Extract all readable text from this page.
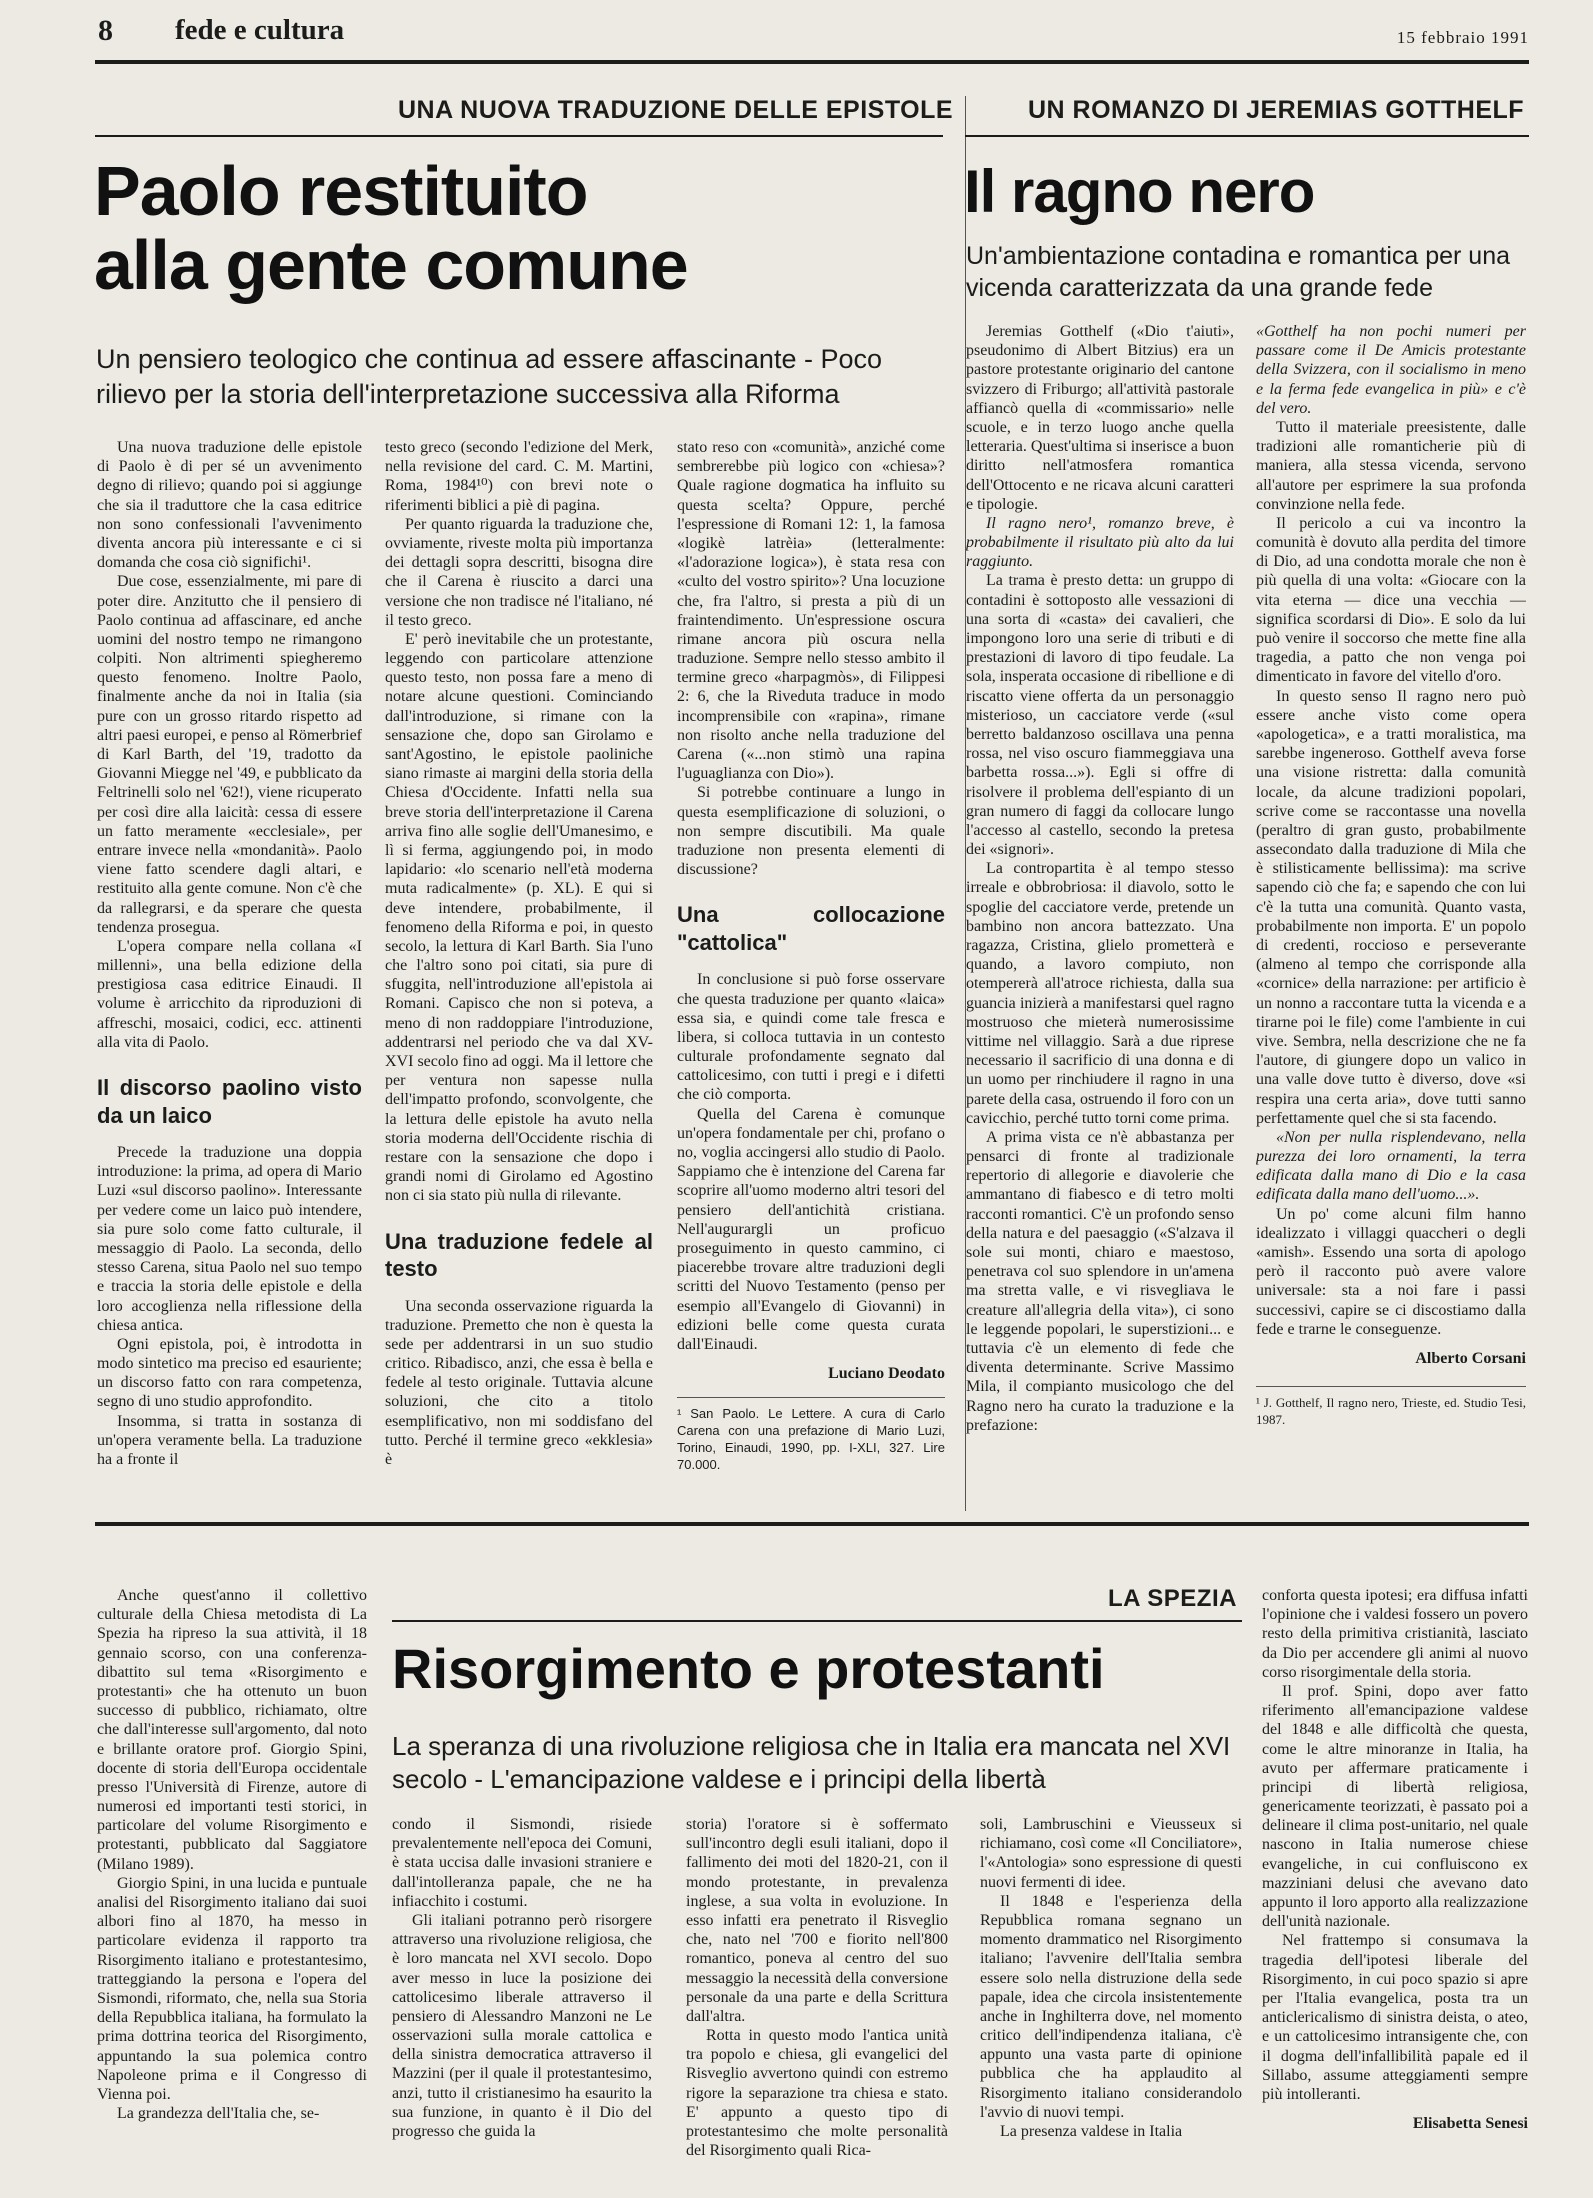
8 fede e cultura	15 febbraio 1991
UNA NUOVA TRADUZIONE DELLE EPISTOLE
Paolo restituito
alla gente comune
Un pensiero teologico che continua ad essere affascinante - Poco rilievo per la storia dell'interpretazione successiva alla Riforma

Una nuova traduzione delle epistole di Paolo è di per sé un avvenimento degno di rilievo; quando poi si aggiunge che sia il traduttore che la casa editrice non sono confessionali l'avvenimento diventa ancora più interessante e ci si domanda che cosa ciò significhi¹.

Due cose, essenzialmente, mi pare di poter dire. Anzitutto che il pensiero di Paolo continua ad affascinare, ed anche uomini del nostro tempo ne rimangono colpiti. Non altrimenti spiegheremo questo fenomeno. Inoltre Paolo, finalmente anche da noi in Italia (sia pure con un grosso ritardo rispetto ad altri paesi europei, e penso al Römerbrief di Karl Barth, del '19, tradotto da Giovanni Miegge nel '49, e pubblicato da Feltrinelli solo nel '62!), viene ricuperato per così dire alla laicità: cessa di essere un fatto meramente «ecclesiale», per entrare invece nella «mondanità». Paolo viene fatto scendere dagli altari, e restituito alla gente comune. Non c'è che da rallegrarsi, e da sperare che questa tendenza prosegua.

L'opera compare nella collana «I millenni», una bella edizione della prestigiosa casa editrice Einaudi. Il volume è arricchito da riproduzioni di affreschi, mosaici, codici, ecc. attinenti alla vita di Paolo.

Il discorso paolino visto da un laico

Precede la traduzione una doppia introduzione: la prima, ad opera di Mario Luzi «sul discorso paolino». Interessante per vedere come un laico può intendere, sia pure solo come fatto culturale, il messaggio di Paolo. La seconda, dello stesso Carena, situa Paolo nel suo tempo e traccia la storia delle epistole e della loro accoglienza nella riflessione della chiesa antica.

Ogni epistola, poi, è introdotta in modo sintetico ma preciso ed esauriente; un discorso fatto con rara competenza, segno di uno studio approfondito.

Insomma, si tratta in sostanza di un'opera veramente bella. La traduzione ha a fronte il

testo greco (secondo l'edizione del Merk, nella revisione del card. C. M. Martini, Roma, 1984¹⁰) con brevi note o riferimenti biblici a piè di pagina.

Per quanto riguarda la traduzione che, ovviamente, riveste molta più importanza dei dettagli sopra descritti, bisogna dire che il Carena è riuscito a darci una versione che non tradisce né l'italiano, né il testo greco.

E' però inevitabile che un protestante, leggendo con particolare attenzione questo testo, non possa fare a meno di notare alcune questioni. Cominciando dall'introduzione, si rimane con la sensazione che, dopo san Girolamo e sant'Agostino, le epistole paoliniche siano rimaste ai margini della storia della Chiesa d'Occidente. Infatti nella sua breve storia dell'interpretazione il Carena arriva fino alle soglie dell'Umanesimo, e lì si ferma, aggiungendo poi, in modo lapidario: «lo scenario nell'età moderna muta radicalmente» (p. XL). E qui si deve intendere, probabilmente, il fenomeno della Riforma e poi, in questo secolo, la lettura di Karl Barth. Sia l'uno che l'altro sono poi citati, sia pure di sfuggita, nell'introduzione all'epistola ai Romani. Capisco che non si poteva, a meno di non raddoppiare l'introduzione, addentrarsi nel periodo che va dal XV-XVI secolo fino ad oggi. Ma il lettore che per ventura non sapesse nulla dell'impatto profondo, sconvolgente, che la lettura delle epistole ha avuto nella storia moderna dell'Occidente rischia di restare con la sensazione che dopo i grandi nomi di Girolamo ed Agostino non ci sia stato più nulla di rilevante.

Una traduzione fedele al testo

Una seconda osservazione riguarda la traduzione. Premetto che non è questa la sede per addentrarsi in un suo studio critico. Ribadisco, anzi, che essa è bella e fedele al testo originale. Tuttavia alcune soluzioni, che cito a titolo esemplificativo, non mi soddisfano del tutto. Perché il termine greco «ekklesia» è

stato reso con «comunità», anziché come sembrerebbe più logico con «chiesa»? Quale ragione dogmatica ha influito su questa scelta? Oppure, perché l'espressione di Romani 12: 1, la famosa «logikè latrèia» (letteralmente: «l'adorazione logica»), è stata resa con «culto del vostro spirito»? Una locuzione che, fra l'altro, si presta a più di un fraintendimento. Un'espressione oscura rimane ancora più oscura nella traduzione. Sempre nello stesso ambito il termine greco «harpagmòs», di Filippesi 2: 6, che la Riveduta traduce in modo incomprensibile con «rapina», rimane non risolto anche nella traduzione del Carena («...non stimò una rapina l'uguaglianza con Dio»).

Si potrebbe continuare a lungo in questa esemplificazione di soluzioni, o non sempre discutibili. Ma quale traduzione non presenta elementi di discussione?

Una collocazione "cattolica"

In conclusione si può forse osservare che questa traduzione per quanto «laica» essa sia, e quindi come tale fresca e libera, si colloca tuttavia in un contesto culturale profondamente segnato dal cattolicesimo, con tutti i pregi e i difetti che ciò comporta.

Quella del Carena è comunque un'opera fondamentale per chi, profano o no, voglia accingersi allo studio di Paolo. Sappiamo che è intenzione del Carena far scoprire all'uomo moderno altri tesori del pensiero dell'antichità cristiana. Nell'augurargli un proficuo proseguimento in questo cammino, ci piacerebbe trovare altre traduzioni degli scritti del Nuovo Testamento (penso per esempio all'Evangelo di Giovanni) in edizioni belle come questa curata dall'Einaudi.

Luciano Deodato
¹ San Paolo. Le Lettere. A cura di Carlo Carena con una prefazione di Mario Luzi, Torino, Einaudi, 1990, pp. I-XLI, 327. Lire 70.000.
UN ROMANZO DI JEREMIAS GOTTHELF
Il ragno nero
Un'ambientazione contadina e romantica per una vicenda caratterizzata da una grande fede

Jeremias Gotthelf («Dio t'aiuti», pseudonimo di Albert Bitzius) era un pastore protestante originario del cantone svizzero di Friburgo; all'attività pastorale affiancò quella di «commissario» nelle scuole, e in terzo luogo anche quella letteraria. Quest'ultima si inserisce a buon diritto nell'atmosfera romantica dell'Ottocento e ne ricava alcuni caratteri e tipologie.

Il ragno nero¹, romanzo breve, è probabilmente il risultato più alto da lui raggiunto.

La trama è presto detta: un gruppo di contadini è sottoposto alle vessazioni di una sorta di «casta» dei cavalieri, che impongono loro una serie di tributi e di prestazioni di lavoro di tipo feudale. La sola, insperata occasione di ribellione e di riscatto viene offerta da un personaggio misterioso, un cacciatore verde («sul berretto baldanzoso oscillava una penna rossa, nel viso oscuro fiammeggiava una barbetta rossa...»). Egli si offre di risolvere il problema dell'espianto di un gran numero di faggi da collocare lungo l'accesso al castello, secondo la pretesa dei «signori».

La contropartita è al tempo stesso irreale e obbrobriosa: il diavolo, sotto le spoglie del cacciatore verde, pretende un bambino non ancora battezzato. Una ragazza, Cristina, glielo prometterà e quando, a lavoro compiuto, non otempererà all'atroce richiesta, dalla sua guancia inizierà a manifestarsi quel ragno mostruoso che mieterà numerosissime vittime nel villaggio. Sarà a due riprese necessario il sacrificio di una donna e di un uomo per rinchiudere il ragno in una parete della casa, ostruendo il foro con un cavicchio, perché tutto torni come prima.

A prima vista ce n'è abbastanza per pensarci di fronte al tradizionale repertorio di allegorie e diavolerie che ammantano di fiabesco e di tetro molti racconti romantici. C'è un profondo senso della natura e del paesaggio («S'alzava il sole sui monti, chiaro e maestoso, penetrava col suo splendore in un'amena ma stretta valle, e vi risvegliava le creature all'allegria della vita»), ci sono le leggende popolari, le superstizioni... e tuttavia c'è un elemento di fede che diventa determinante. Scrive Massimo Mila, il compianto musicologo che del Ragno nero ha curato la traduzione e la prefazione:

«Gotthelf ha non pochi numeri per passare come il De Amicis protestante della Svizzera, con il socialismo in meno e la ferma fede evangelica in più» e c'è del vero.

Tutto il materiale preesistente, dalle tradizioni alle romanticherie più di maniera, alla stessa vicenda, servono all'autore per esprimere la sua profonda convinzione nella fede.

Il pericolo a cui va incontro la comunità è dovuto alla perdita del timore di Dio, ad una condotta morale che non è più quella di una volta: «Giocare con la vita eterna — dice una vecchia — significa scordarsi di Dio». E solo da lui può venire il soccorso che mette fine alla tragedia, a patto che non venga poi dimenticato in favore del vitello d'oro.

In questo senso Il ragno nero può essere anche visto come opera «apologetica», e a tratti moralistica, ma sarebbe ingeneroso. Gotthelf aveva forse una visione ristretta: dalla comunità locale, da alcune tradizioni popolari, scrive come se raccontasse una novella (peraltro di gran gusto, probabilmente assecondato dalla traduzione di Mila che è stilisticamente bellissima): ma scrive sapendo ciò che fa; e sapendo che con lui c'è la tutta una comunità. Quanto vasta, probabilmente non importa. E' un popolo di credenti, roccioso e perseverante (almeno al tempo che corrisponde alla «cornice» della narrazione: per artificio è un nonno a raccontare tutta la vicenda e a tirarne poi le file) come l'ambiente in cui vive. Sembra, nella descrizione che ne fa l'autore, di giungere dopo un valico in una valle dove tutto è diverso, dove «si respira una certa aria», dove tutti sanno perfettamente quel che si sta facendo.

«Non per nulla risplendevano, nella purezza dei loro ornamenti, la terra edificata dalla mano di Dio e la casa edificata dalla mano dell'uomo...».

Un po' come alcuni film hanno idealizzato i villaggi quaccheri o degli «amish». Essendo una sorta di apologo però il racconto può avere valore universale: sta a noi fare i passi successivi, capire se ci discostiamo dalla fede e trarne le conseguenze.

Alberto Corsani
¹ J. Gotthelf, Il ragno nero, Trieste, ed. Studio Tesi, 1987.

Anche quest'anno il collettivo culturale della Chiesa metodista di La Spezia ha ripreso la sua attività, il 18 gennaio scorso, con una conferenza-dibattito sul tema «Risorgimento e protestanti» che ha ottenuto un buon successo di pubblico, richiamato, oltre che dall'interesse sull'argomento, dal noto e brillante oratore prof. Giorgio Spini, docente di storia dell'Europa occidentale presso l'Università di Firenze, autore di numerosi ed importanti testi storici, in particolare del volume Risorgimento e protestanti, pubblicato dal Saggiatore (Milano 1989).

Giorgio Spini, in una lucida e puntuale analisi del Risorgimento italiano dai suoi albori fino al 1870, ha messo in particolare evidenza il rapporto tra Risorgimento italiano e protestantesimo, tratteggiando la persona e l'opera del Sismondi, riformato, che, nella sua Storia della Repubblica italiana, ha formulato la prima dottrina teorica del Risorgimento, appuntando la sua polemica contro Napoleone prima e il Congresso di Vienna poi.

La grandezza dell'Italia che, se-

LA SPEZIA
Risorgimento e protestanti
La speranza di una rivoluzione religiosa che in Italia era mancata nel XVI secolo - L'emancipazione valdese e i principi della libertà

condo il Sismondi, risiede prevalentemente nell'epoca dei Comuni, è stata uccisa dalle invasioni straniere e dall'intolleranza papale, che ne ha infiacchito i costumi.

Gli italiani potranno però risorgere attraverso una rivoluzione religiosa, che è loro mancata nel XVI secolo. Dopo aver messo in luce la posizione dei cattolicesimo liberale attraverso il pensiero di Alessandro Manzoni ne Le osservazioni sulla morale cattolica e della sinistra democratica attraverso il Mazzini (per il quale il protestantesimo, anzi, tutto il cristianesimo ha esaurito la sua funzione, in quanto è il Dio del progresso che guida la

storia) l'oratore si è soffermato sull'incontro degli esuli italiani, dopo il fallimento dei moti del 1820-21, con il mondo protestante, in prevalenza inglese, a sua volta in evoluzione. In esso infatti era penetrato il Risveglio che, nato nel '700 e fiorito nell'800 romantico, poneva al centro del suo messaggio la necessità della conversione personale da una parte e della Scrittura dall'altra.

Rotta in questo modo l'antica unità tra popolo e chiesa, gli evangelici del Risveglio avvertono quindi con estremo rigore la separazione tra chiesa e stato. E' appunto a questo tipo di protestantesimo che molte personalità del Risorgimento quali Rica-

soli, Lambruschini e Vieusseux si richiamano, così come «Il Conciliatore», l'«Antologia» sono espressione di questi nuovi fermenti di idee.

Il 1848 e l'esperienza della Repubblica romana segnano un momento drammatico nel Risorgimento italiano; l'avvenire dell'Italia sembra essere solo nella distruzione della sede papale, idea che circola insistentemente anche in Inghilterra dove, nel momento critico dell'indipendenza italiana, c'è appunto una vasta parte di opinione pubblica che ha applaudito al Risorgimento italiano considerandolo l'avvio di nuovi tempi.

La presenza valdese in Italia

conforta questa ipotesi; era diffusa infatti l'opinione che i valdesi fossero un povero resto della primitiva cristianità, lasciato da Dio per accendere gli animi al nuovo corso risorgimentale della storia.

Il prof. Spini, dopo aver fatto riferimento all'emancipazione valdese del 1848 e alle difficoltà che questa, come le altre minoranze in Italia, ha avuto per affermare praticamente i principi di libertà religiosa, genericamente teorizzati, è passato poi a delineare il clima post-unitario, nel quale nascono in Italia numerose chiese evangeliche, in cui confluiscono ex mazziniani delusi che avevano dato appunto il loro apporto alla realizzazione dell'unità nazionale.

Nel frattempo si consumava la tragedia dell'ipotesi liberale del Risorgimento, in cui poco spazio si apre per l'Italia evangelica, posta tra un anticlericalismo di sinistra deista, o ateo, e un cattolicesimo intransigente che, con il dogma dell'infallibilità papale ed il Sillabo, assume atteggiamenti sempre più intolleranti.

Elisabetta Senesi
